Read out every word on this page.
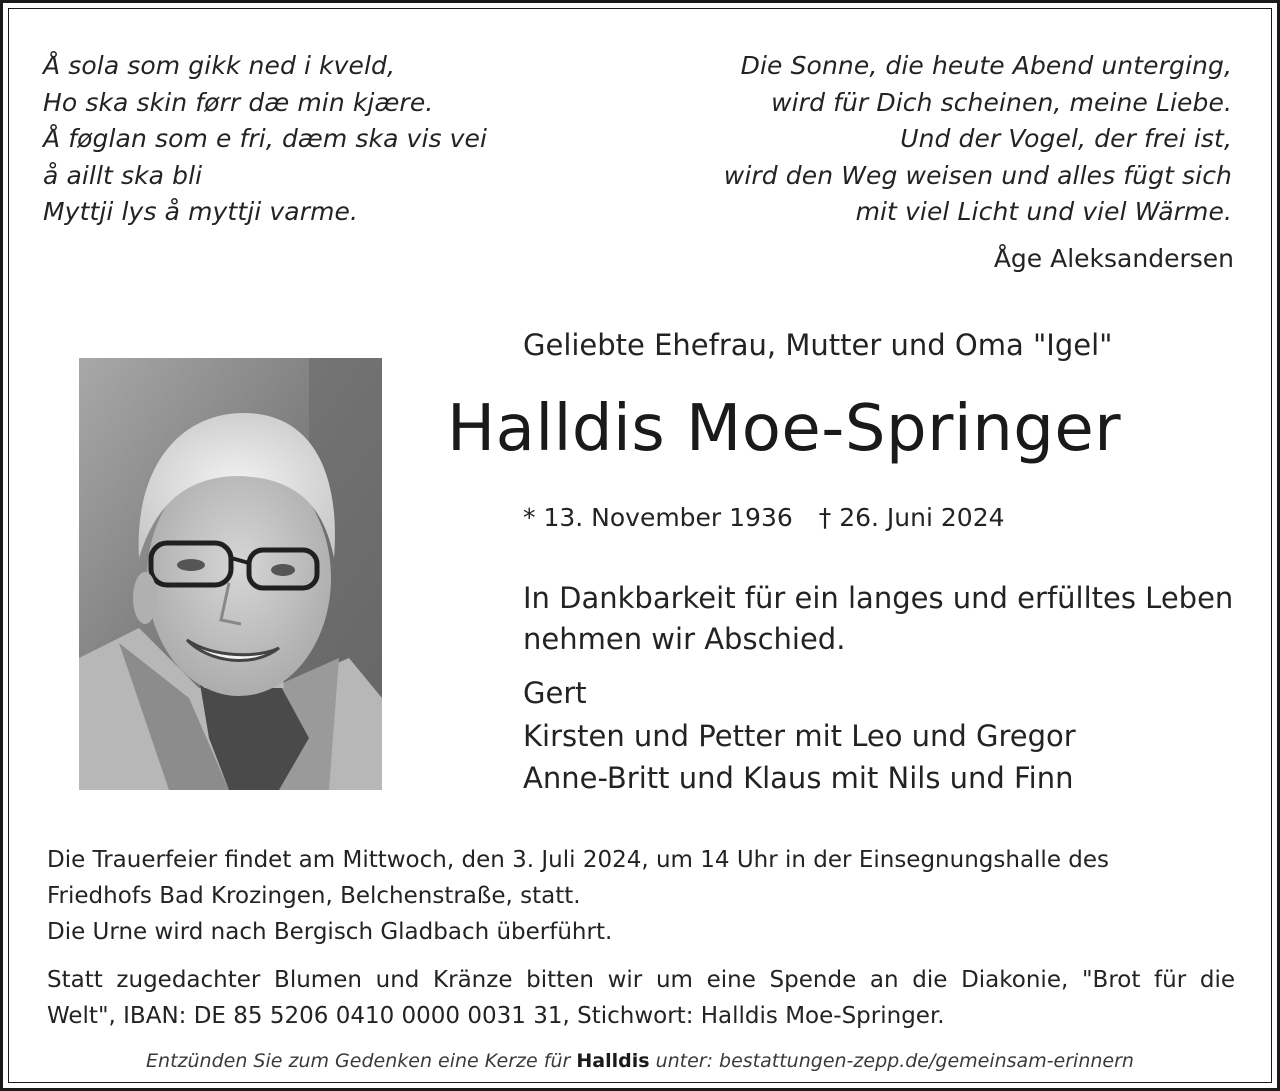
Å sola som gikk ned i kveld,
Ho ska skin førr dæ min kjære.
Å føglan som e fri, dæm ska vis vei
å aillt ska bli
Myttji lys å myttji varme.
Die Sonne, die heute Abend unterging,
wird für Dich scheinen, meine Liebe.
Und der Vogel, der frei ist,
wird den Weg weisen und alles fügt sich
mit viel Licht und viel Wärme.
Åge Aleksandersen
Geliebte Ehefrau, Mutter und Oma "Igel"
Halldis Moe-Springer
* 13. November 1936 † 26. Juni 2024
In Dankbarkeit für ein langes und erfülltes Leben
nehmen wir Abschied.
Gert
Kirsten und Petter mit Leo und Gregor
Anne-Britt und Klaus mit Nils und Finn
Die Trauerfeier findet am Mittwoch, den 3. Juli 2024, um 14 Uhr in der Einsegnungshalle des
Friedhofs Bad Krozingen, Belchenstraße, statt.
Die Urne wird nach Bergisch Gladbach überführt.
Statt zugedachter Blumen und Kränze bitten wir um eine Spende an die Diakonie, "Brot für die
Welt", IBAN: DE 85 5206 0410 0000 0031 31, Stichwort: Halldis Moe-Springer.
Entzünden Sie zum Gedenken eine Kerze für Halldis unter: bestattungen-zepp.de/gemeinsam-erinnern
